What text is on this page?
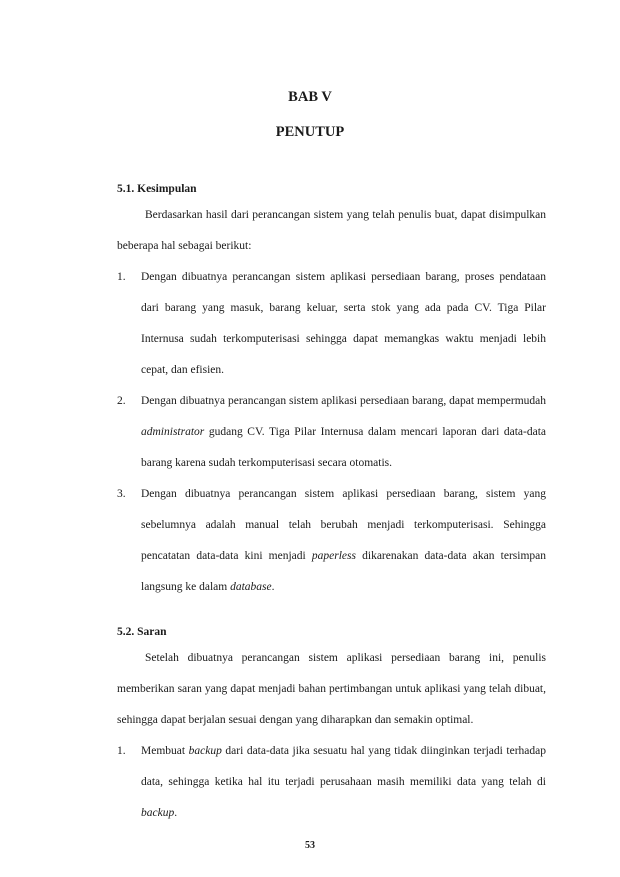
BAB V

PENUTUP

5.1. Kesimpulan

Berdasarkan hasil dari perancangan sistem yang telah penulis buat, dapat disimpulkan beberapa hal sebagai berikut:

1. Dengan dibuatnya perancangan sistem aplikasi persediaan barang, proses pendataan dari barang yang masuk, barang keluar, serta stok yang ada pada CV. Tiga Pilar Internusa sudah terkomputerisasi sehingga dapat memangkas waktu menjadi lebih cepat, dan efisien.
2. Dengan dibuatnya perancangan sistem aplikasi persediaan barang, dapat mempermudah administrator gudang CV. Tiga Pilar Internusa dalam mencari laporan dari data-data barang karena sudah terkomputerisasi secara otomatis.
3. Dengan dibuatnya perancangan sistem aplikasi persediaan barang, sistem yang sebelumnya adalah manual telah berubah menjadi terkomputerisasi. Sehingga pencatatan data-data kini menjadi paperless dikarenakan data-data akan tersimpan langsung ke dalam database.

5.2. Saran

Setelah dibuatnya perancangan sistem aplikasi persediaan barang ini, penulis memberikan saran yang dapat menjadi bahan pertimbangan untuk aplikasi yang telah dibuat, sehingga dapat berjalan sesuai dengan yang diharapkan dan semakin optimal.

1. Membuat backup dari data-data jika sesuatu hal yang tidak diinginkan terjadi terhadap data, sehingga ketika hal itu terjadi perusahaan masih memiliki data yang telah di backup.

53
